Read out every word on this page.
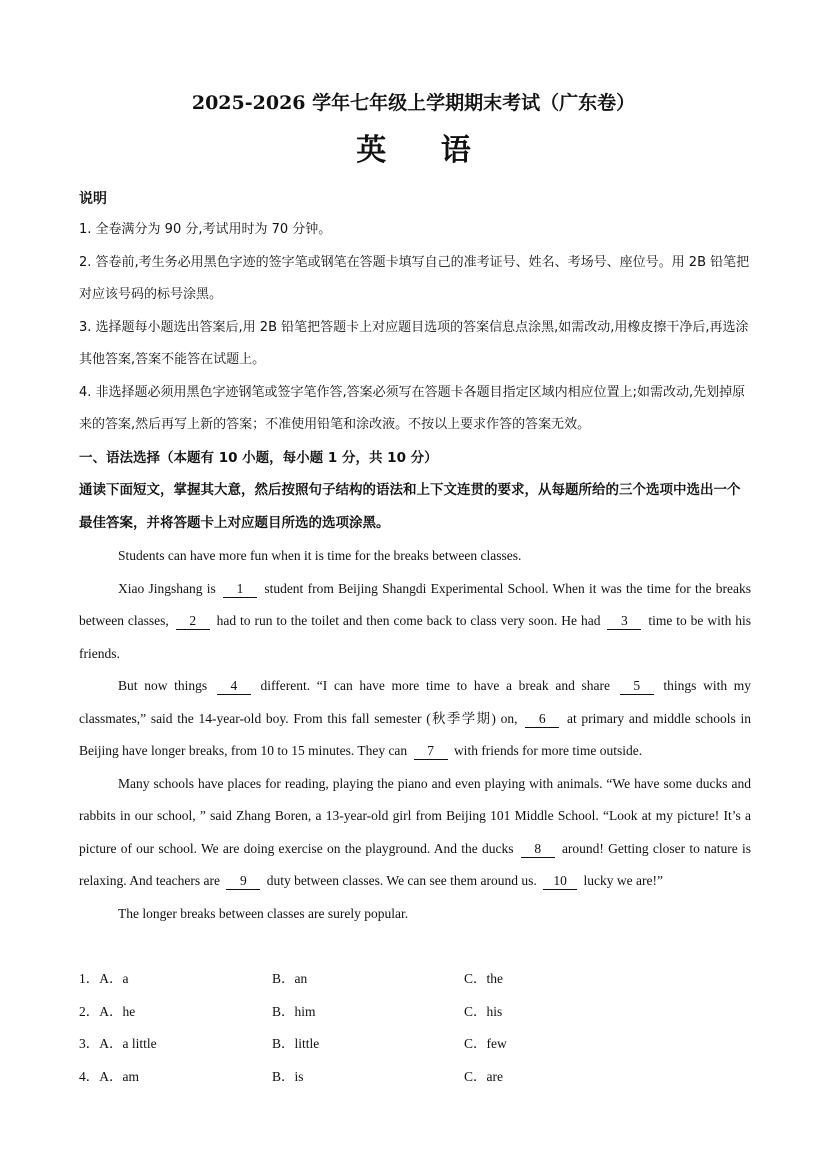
2025-2026 学年七年级上学期期末考试（广东卷）
英 语
说明
1. 全卷满分为 90 分,考试用时为 70 分钟。
2. 答卷前,考生务必用黑色字迹的签字笔或钢笔在答题卡填写自己的准考证号、姓名、考场号、座位号。用 2B 铅笔把对应该号码的标号涂黑。
3. 选择题每小题选出答案后,用 2B 铅笔把答题卡上对应题目选项的答案信息点涂黑,如需改动,用橡皮擦干净后,再选涂其他答案,答案不能答在试题上。
4. 非选择题必须用黑色字迹钢笔或签字笔作答,答案必须写在答题卡各题目指定区域内相应位置上;如需改动,先划掉原来的答案,然后再写上新的答案；不准使用铅笔和涂改液。不按以上要求作答的答案无效。
一、语法选择（本题有 10 小题，每小题 1 分，共 10 分）
通读下面短文，掌握其大意，然后按照句子结构的语法和上下文连贯的要求，从每题所给的三个选项中选出一个最佳答案，并将答题卡上对应题目所选的选项涂黑。
Students can have more fun when it is time for the breaks between classes.
Xiao Jingshang is 1 student from Beijing Shangdi Experimental School. When it was the time for the breaks between classes, 2 had to run to the toilet and then come back to class very soon. He had 3 time to be with his friends.
But now things 4 different. “I can have more time to have a break and share 5 things with my classmates,” said the 14-year-old boy. From this fall semester (秋季学期) on, 6 at primary and middle schools in Beijing have longer breaks, from 10 to 15 minutes. They can 7 with friends for more time outside.
Many schools have places for reading, playing the piano and even playing with animals. “We have some ducks and rabbits in our school, ” said Zhang Boren, a 13-year-old girl from Beijing 101 Middle School. “Look at my picture! It’s a picture of our school. We are doing exercise on the playground. And the ducks 8 around! Getting closer to nature is relaxing. And teachers are 9 duty between classes. We can see them around us. 10 lucky we are!”
The longer breaks between classes are surely popular.
1．A．a	B．an	C．the
2．A．he	B．him	C．his
3．A．a little	B．little	C．few
4．A．am	B．is	C．are
